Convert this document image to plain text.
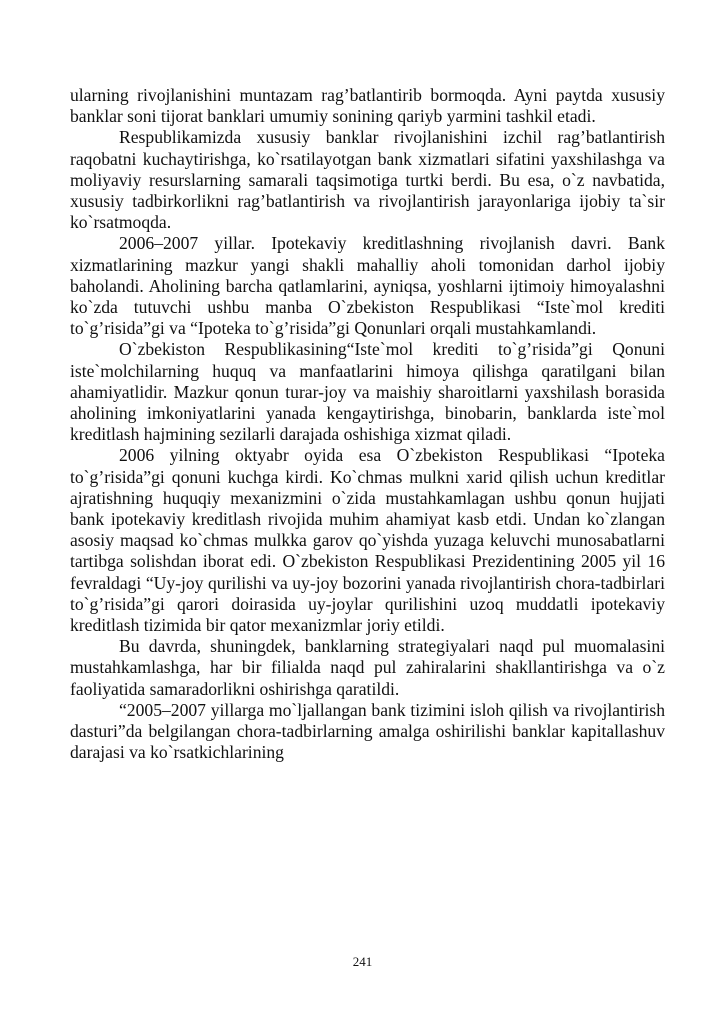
ularning rivojlanishini muntazam rag’batlantirib bormoqda. Ayni paytda xususiy banklar soni tijorat banklari umumiy sonining qariyb yarmini tashkil etadi.

Respublikamizda xususiy banklar rivojlanishini izchil rag’batlantirish raqobatni kuchaytirishga, ko`rsatilayotgan bank xizmatlari sifatini yaxshilashga va moliyaviy resurslarning samarali taqsimotiga turtki berdi. Bu esa, o`z navbatida, xususiy tadbirkorlikni rag’batlantirish va rivojlantirish jarayonlariga ijobiy ta`sir ko`rsatmoqda.

2006–2007 yillar. Ipotekaviy kreditlashning rivojlanish davri. Bank xizmatlarining mazkur yangi shakli mahalliy aholi tomonidan darhol ijobiy baholandi. Aholining barcha qatlamlarini, ayniqsa, yoshlarni ijtimoiy himoyalashni ko`zda tutuvchi ushbu manba O`zbekiston Respublikasi “Iste`mol krediti to`g’risida”gi va “Ipoteka to`g’risida”gi Qonunlari orqali mustahkamlandi.

O`zbekiston Respublikasining“Iste`mol krediti to`g’risida”gi Qonuni iste`molchilarning huquq va manfaatlarini himoya qilishga qaratilgani bilan ahamiyatlidir. Mazkur qonun turar-joy va maishiy sharoitlarni yaxshilash borasida aholining imkoniyatlarini yanada kengaytirishga, binobarin, banklarda iste`mol kreditlash hajmining sezilarli darajada oshishiga xizmat qiladi.

2006 yilning oktyabr oyida esa O`zbekiston Respublikasi “Ipoteka to`g’risida”gi qonuni kuchga kirdi. Ko`chmas mulkni xarid qilish uchun kreditlar ajratishning huquqiy mexanizmini o`zida mustahkamlagan ushbu qonun hujjati bank ipotekaviy kreditlash rivojida muhim ahamiyat kasb etdi. Undan ko`zlangan asosiy maqsad ko`chmas mulkka garov qo`yishda yuzaga keluvchi munosabatlarni tartibga solishdan iborat edi. O`zbekiston Respublikasi Prezidentining 2005 yil 16 fevraldagi “Uy-joy qurilishi va uy-joy bozorini yanada rivojlantirish chora-tadbirlari to`g’risida”gi qarori doirasida uy-joylar qurilishini uzoq muddatli ipotekaviy kreditlash tizimida bir qator mexanizmlar joriy etildi.

Bu davrda, shuningdek, banklarning strategiyalari naqd pul muomalasini mustahkamlashga, har bir filialda naqd pul zahiralarini shakllantirishga va o`z faoliyatida samaradorlikni oshirishga qaratildi.

“2005–2007 yillarga mo`ljallangan bank tizimini isloh qilish va rivojlantirish dasturi”da belgilangan chora-tadbirlarning amalga oshirilishi banklar kapitallashuv darajasi va ko`rsatkichlarining

241
